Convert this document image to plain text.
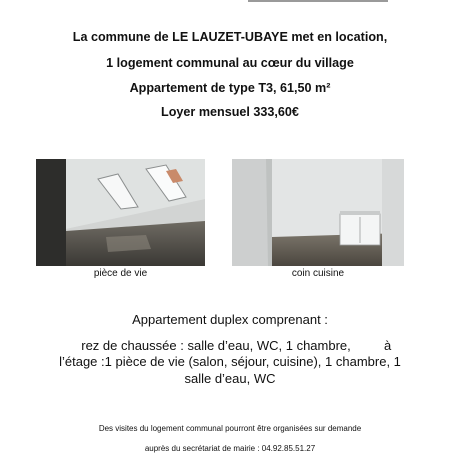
La commune de LE LAUZET-UBAYE met en location,
1 logement communal au cœur du village
Appartement de type T3, 61,50 m²
Loyer mensuel 333,60€
pièce de vie	coin cuisine
Appartement duplex comprenant :
rez de chaussée : salle d’eau, WC, 1 chambre,	à
l’étage :1 pièce de vie (salon, séjour, cuisine), 1 chambre, 1
salle d’eau, WC
Des visites du logement communal pourront être organisées sur demande
auprès du secrétariat de mairie : 04.92.85.51.27
